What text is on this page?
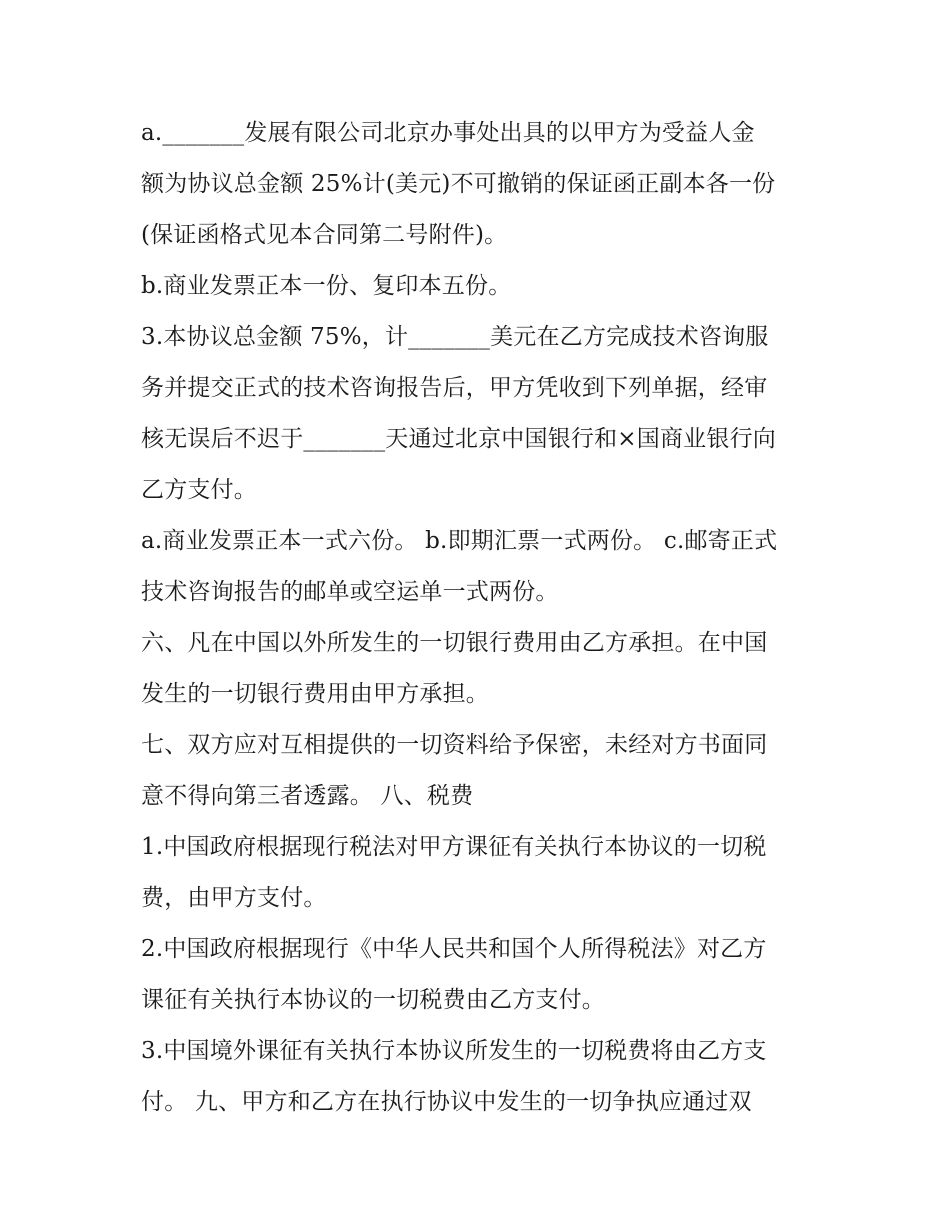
a._______发展有限公司北京办事处出具的以甲方为受益人金
额为协议总金额 25%计(美元)不可撤销的保证函正副本各一份
(保证函格式见本合同第二号附件)。
b.商业发票正本一份、复印本五份。
3.本协议总金额 75%，计_______美元在乙方完成技术咨询服
务并提交正式的技术咨询报告后，甲方凭收到下列单据，经审
核无误后不迟于_______天通过北京中国银行和×国商业银行向
乙方支付。
a.商业发票正本一式六份。 b.即期汇票一式两份。 c.邮寄正式
技术咨询报告的邮单或空运单一式两份。
六、凡在中国以外所发生的一切银行费用由乙方承担。在中国
发生的一切银行费用由甲方承担。
七、双方应对互相提供的一切资料给予保密，未经对方书面同
意不得向第三者透露。 八、税费
1.中国政府根据现行税法对甲方课征有关执行本协议的一切税
费，由甲方支付。
2.中国政府根据现行《中华人民共和国个人所得税法》对乙方
课征有关执行本协议的一切税费由乙方支付。
3.中国境外课征有关执行本协议所发生的一切税费将由乙方支
付。 九、甲方和乙方在执行协议中发生的一切争执应通过双
